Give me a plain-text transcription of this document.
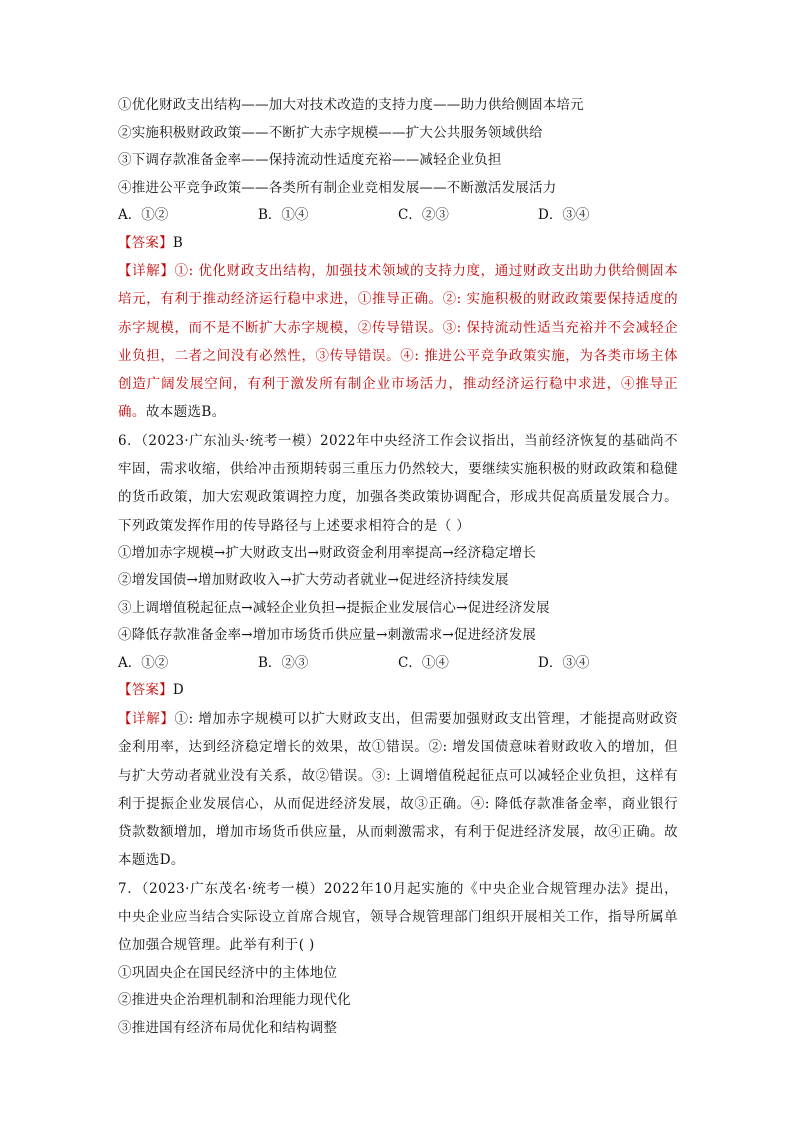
①优化财政支出结构——加大对技术改造的支持力度——助力供给侧固本培元
②实施积极财政政策——不断扩大赤字规模——扩大公共服务领域供给
③下调存款准备金率——保持流动性适度充裕——减轻企业负担
④推进公平竞争政策——各类所有制企业竞相发展——不断激活发展活力
A．①②	B．①④	C．②③	D．③④
【答案】B
【详解】①: 优化财政支出结构，加强技术领域的支持力度，通过财政支出助力供给侧固本培元，有利于推动经济运行稳中求进，①推导正确。②: 实施积极的财政政策要保持适度的赤字规模，而不是不断扩大赤字规模，②传导错误。③: 保持流动性适当充裕并不会减轻企业负担，二者之间没有必然性，③传导错误。④: 推进公平竞争政策实施，为各类市场主体创造广阔发展空间，有利于激发所有制企业市场活力，推动经济运行稳中求进，④推导正确。故本题选B。
6．（2023·广东汕头·统考一模）2022年中央经济工作会议指出，当前经济恢复的基础尚不牢固，需求收缩，供给冲击预期转弱三重压力仍然较大，要继续实施积极的财政政策和稳健的货币政策，加大宏观政策调控力度，加强各类政策协调配合，形成共促高质量发展合力。下列政策发挥作用的传导路径与上述要求相符合的是（ ）
①增加赤字规模→扩大财政支出→财政资金利用率提高→经济稳定增长
②增发国债→增加财政收入→扩大劳动者就业→促进经济持续发展
③上调增值税起征点→减轻企业负担→提振企业发展信心→促进经济发展
④降低存款准备金率→增加市场货币供应量→刺激需求→促进经济发展
A．①②	B．②③	C．①④	D．③④
【答案】D
【详解】①: 增加赤字规模可以扩大财政支出，但需要加强财政支出管理，才能提高财政资金利用率，达到经济稳定增长的效果，故①错误。②: 增发国债意味着财政收入的增加，但与扩大劳动者就业没有关系，故②错误。③: 上调增值税起征点可以减轻企业负担，这样有利于提振企业发展信心，从而促进经济发展，故③正确。④: 降低存款准备金率，商业银行贷款数额增加，增加市场货币供应量，从而刺激需求，有利于促进经济发展，故④正确。故本题选D。
7．（2023·广东茂名·统考一模）2022年10月起实施的《中央企业合规管理办法》提出，中央企业应当结合实际设立首席合规官，领导合规管理部门组织开展相关工作，指导所属单位加强合规管理。此举有利于( )
①巩固央企在国民经济中的主体地位
②推进央企治理机制和治理能力现代化
③推进国有经济布局优化和结构调整
